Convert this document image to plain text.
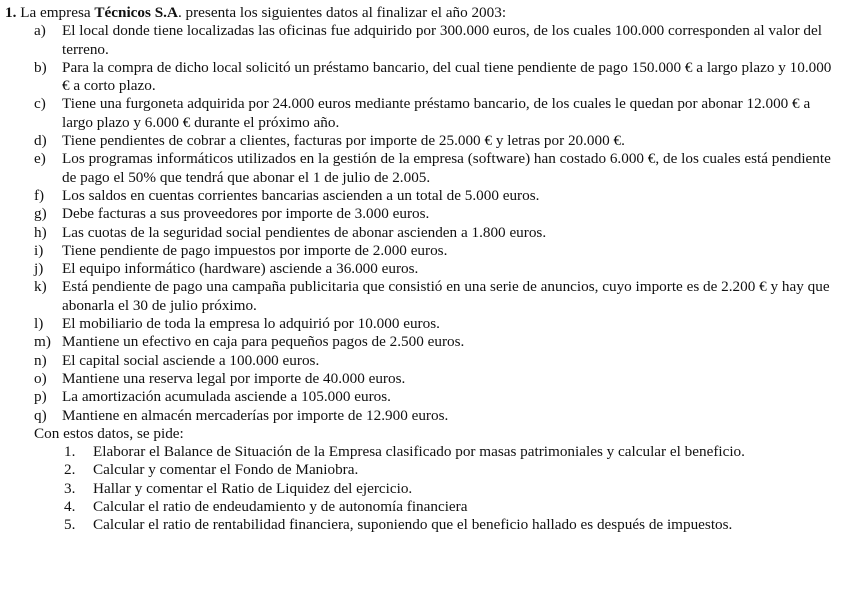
1. La empresa Técnicos S.A. presenta los siguientes datos al finalizar el año 2003:
a) El local donde tiene localizadas las oficinas fue adquirido por 300.000 euros, de los cuales 100.000 corresponden al valor del terreno.
b) Para la compra de dicho local solicitó un préstamo bancario, del cual tiene pendiente de pago 150.000 € a largo plazo y 10.000 € a corto plazo.
c) Tiene una furgoneta adquirida por 24.000 euros mediante préstamo bancario, de los cuales le quedan por abonar 12.000 € a largo plazo y 6.000 € durante el próximo año.
d) Tiene pendientes de cobrar a clientes, facturas por importe de 25.000 € y letras por 20.000 €.
e) Los programas informáticos utilizados en la gestión de la empresa (software) han costado 6.000 €, de los cuales está pendiente de pago el 50% que tendrá que abonar el 1 de julio de 2.005.
f) Los saldos en cuentas corrientes bancarias ascienden a un total de 5.000 euros.
g) Debe facturas a sus proveedores por importe de 3.000 euros.
h) Las cuotas de la seguridad social pendientes de abonar ascienden a 1.800 euros.
i) Tiene pendiente de pago impuestos por importe de 2.000 euros.
j) El equipo informático (hardware) asciende a 36.000 euros.
k) Está pendiente de pago una campaña publicitaria que consistió en una serie de anuncios, cuyo importe es de 2.200 € y hay que abonarla el 30 de julio próximo.
l) El mobiliario de toda la empresa lo adquirió por 10.000 euros.
m) Mantiene un efectivo en caja para pequeños pagos de 2.500 euros.
n) El capital social asciende a 100.000 euros.
o) Mantiene una reserva legal por importe de 40.000 euros.
p) La amortización acumulada asciende a 105.000 euros.
q) Mantiene en almacén mercaderías por importe de 12.900 euros.
Con estos datos, se pide:
1. Elaborar el Balance de Situación de la Empresa clasificado por masas patrimoniales y calcular el beneficio.
2. Calcular y comentar el Fondo de Maniobra.
3. Hallar y comentar el Ratio de Liquidez del ejercicio.
4. Calcular el ratio de endeudamiento y de autonomía financiera
5. Calcular el ratio de rentabilidad financiera, suponiendo que el beneficio hallado es después de impuestos.
